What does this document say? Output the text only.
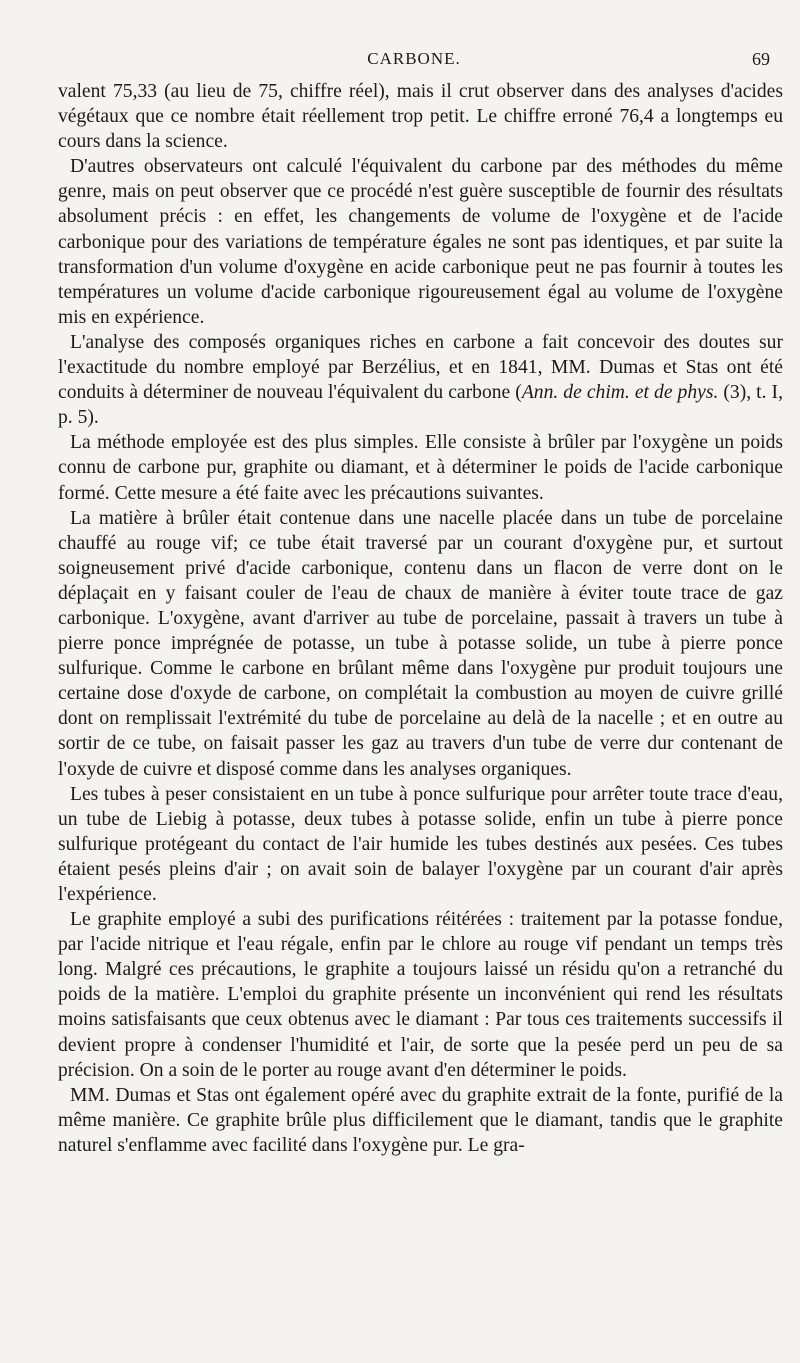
CARBONE.	69

valent 75,33 (au lieu de 75, chiffre réel), mais il crut observer dans des analyses d'acides végétaux que ce nombre était réellement trop petit. Le chiffre erroné 76,4 a longtemps eu cours dans la science.

D'autres observateurs ont calculé l'équivalent du carbone par des méthodes du même genre, mais on peut observer que ce procédé n'est guère susceptible de fournir des résultats absolument précis : en effet, les changements de volume de l'oxygène et de l'acide carbonique pour des variations de température égales ne sont pas identiques, et par suite la transformation d'un volume d'oxygène en acide carbonique peut ne pas fournir à toutes les températures un volume d'acide carbonique rigoureusement égal au volume de l'oxygène mis en expérience.

L'analyse des composés organiques riches en carbone a fait concevoir des doutes sur l'exactitude du nombre employé par Berzélius, et en 1841, MM. Dumas et Stas ont été conduits à déterminer de nouveau l'équivalent du carbone (Ann. de chim. et de phys. (3), t. I, p. 5).

La méthode employée est des plus simples. Elle consiste à brûler par l'oxygène un poids connu de carbone pur, graphite ou diamant, et à déterminer le poids de l'acide carbonique formé. Cette mesure a été faite avec les précautions suivantes.

La matière à brûler était contenue dans une nacelle placée dans un tube de porcelaine chauffé au rouge vif; ce tube était traversé par un courant d'oxygène pur, et surtout soigneusement privé d'acide carbonique, contenu dans un flacon de verre dont on le déplaçait en y faisant couler de l'eau de chaux de manière à éviter toute trace de gaz carbonique. L'oxygène, avant d'arriver au tube de porcelaine, passait à travers un tube à pierre ponce imprégnée de potasse, un tube à potasse solide, un tube à pierre ponce sulfurique. Comme le carbone en brûlant même dans l'oxygène pur produit toujours une certaine dose d'oxyde de carbone, on complétait la combustion au moyen de cuivre grillé dont on remplissait l'extrémité du tube de porcelaine au delà de la nacelle ; et en outre au sortir de ce tube, on faisait passer les gaz au travers d'un tube de verre dur contenant de l'oxyde de cuivre et disposé comme dans les analyses organiques.

Les tubes à peser consistaient en un tube à ponce sulfurique pour arrêter toute trace d'eau, un tube de Liebig à potasse, deux tubes à potasse solide, enfin un tube à pierre ponce sulfurique protégeant du contact de l'air humide les tubes destinés aux pesées. Ces tubes étaient pesés pleins d'air ; on avait soin de balayer l'oxygène par un courant d'air après l'expérience.

Le graphite employé a subi des purifications réitérées : traitement par la potasse fondue, par l'acide nitrique et l'eau régale, enfin par le chlore au rouge vif pendant un temps très long. Malgré ces précautions, le graphite a toujours laissé un résidu qu'on a retranché du poids de la matière. L'emploi du graphite présente un inconvénient qui rend les résultats moins satisfaisants que ceux obtenus avec le diamant : Par tous ces traitements successifs il devient propre à condenser l'humidité et l'air, de sorte que la pesée perd un peu de sa précision. On a soin de le porter au rouge avant d'en déterminer le poids.

MM. Dumas et Stas ont également opéré avec du graphite extrait de la fonte, purifié de la même manière. Ce graphite brûle plus difficilement que le diamant, tandis que le graphite naturel s'enflamme avec facilité dans l'oxygène pur. Le gra-
